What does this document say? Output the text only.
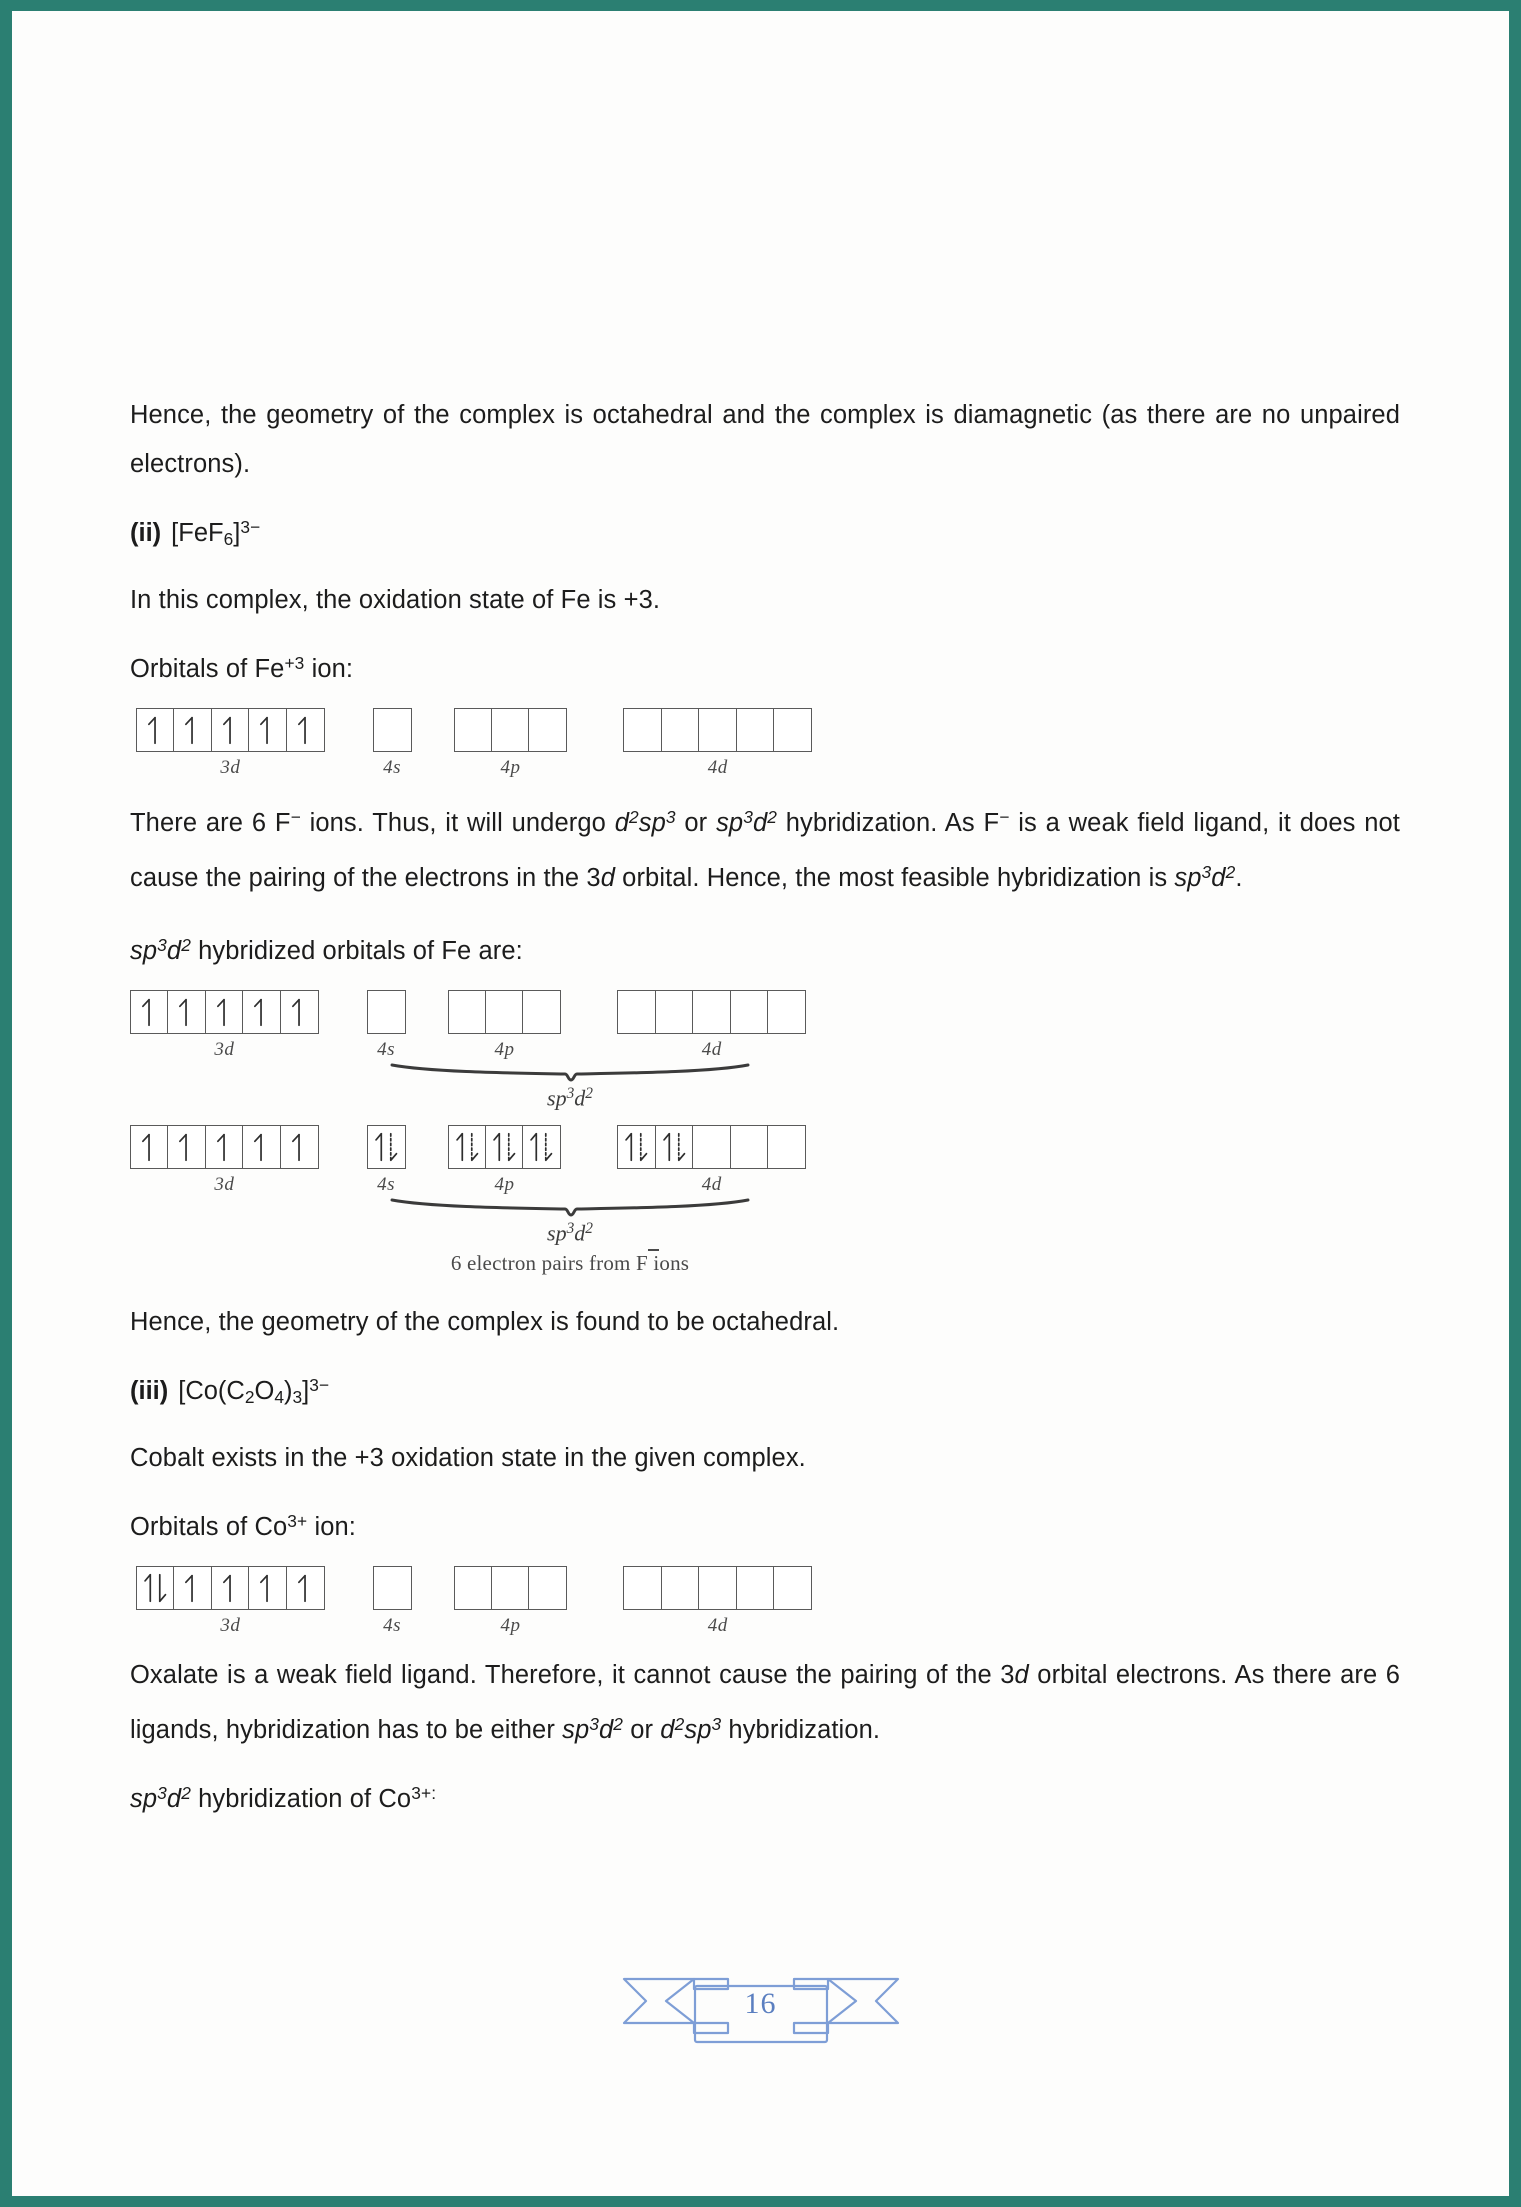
Hence, the geometry of the complex is octahedral and the complex is diamagnetic (as there are no unpaired electrons).

(ii) $[FeF_6]^{3-}$

In this complex, the oxidation state of Fe is +3.

Orbitals of $Fe^{+3}$ ion:

3d	4s	4p	4d

There are 6 F− ions. Thus, it will undergo $d^2sp^3$ or $sp^3d^2$ hybridization. As F− is a weak field ligand, it does not cause the pairing of the electrons in the 3d orbital. Hence, the most feasible hybridization is $sp^3d^2$.

$sp^3d^2$ hybridized orbitals of Fe are:

3d	4s	4p	4d
$sp^3d^2$
3d	4s	4p	4d
$sp^3d^2$
6 electron pairs from F
ions

Hence, the geometry of the complex is found to be octahedral.

(iii) $[Co(C_2O_4)_3]^{3-}$

Cobalt exists in the +3 oxidation state in the given complex.

Orbitals of $Co^{3+}$ ion:

3d	4s	4p	4d

Oxalate is a weak field ligand. Therefore, it cannot cause the pairing of the 3d orbital electrons. As there are 6 ligands, hybridization has to be either $sp^3d^2$ or $d^2sp^3$ hybridization.

$sp^3d^2$ hybridization of $Co^{3+:}$

16
